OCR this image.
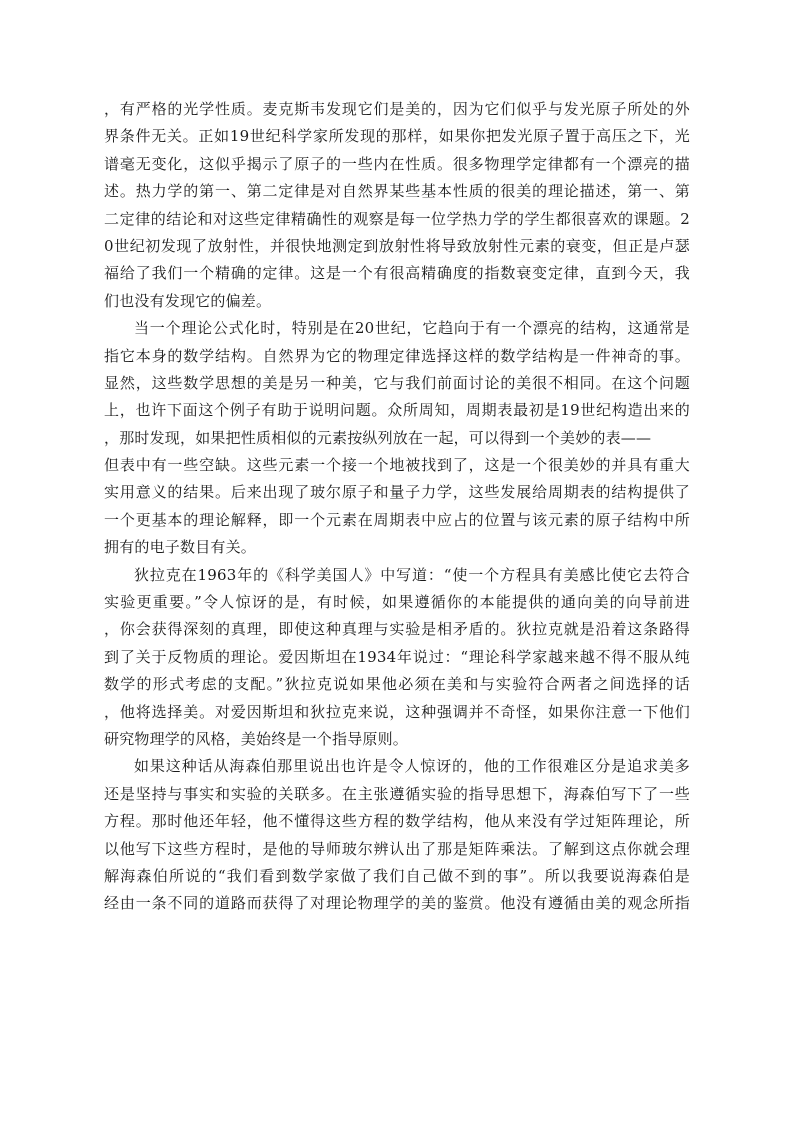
，有严格的光学性质。麦克斯韦发现它们是美的，因为它们似乎与发光原子所处的外
界条件无关。正如19世纪科学家所发现的那样，如果你把发光原子置于高压之下，光
谱毫无变化，这似乎揭示了原子的一些内在性质。很多物理学定律都有一个漂亮的描
述。热力学的第一、第二定律是对自然界某些基本性质的很美的理论描述，第一、第
二定律的结论和对这些定律精确性的观察是每一位学热力学的学生都很喜欢的课题。2
0世纪初发现了放射性，并很快地测定到放射性将导致放射性元素的衰变，但正是卢瑟
福给了我们一个精确的定律。这是一个有很高精确度的指数衰变定律，直到今天，我
们也没有发现它的偏差。
当一个理论公式化时，特别是在20世纪，它趋向于有一个漂亮的结构，这通常是
指它本身的数学结构。自然界为它的物理定律选择这样的数学结构是一件神奇的事。
显然，这些数学思想的美是另一种美，它与我们前面讨论的美很不相同。在这个问题
上，也许下面这个例子有助于说明问题。众所周知，周期表最初是19世纪构造出来的
，那时发现，如果把性质相似的元素按纵列放在一起，可以得到一个美妙的表——
但表中有一些空缺。这些元素一个接一个地被找到了，这是一个很美妙的并具有重大
实用意义的结果。后来出现了玻尔原子和量子力学，这些发展给周期表的结构提供了
一个更基本的理论解释，即一个元素在周期表中应占的位置与该元素的原子结构中所
拥有的电子数目有关。
狄拉克在1963年的《科学美国人》中写道：“使一个方程具有美感比使它去符合
实验更重要。”令人惊讶的是，有时候，如果遵循你的本能提供的通向美的向导前进
，你会获得深刻的真理，即使这种真理与实验是相矛盾的。狄拉克就是沿着这条路得
到了关于反物质的理论。爱因斯坦在1934年说过：“理论科学家越来越不得不服从纯
数学的形式考虑的支配。”狄拉克说如果他必须在美和与实验符合两者之间选择的话
，他将选择美。对爱因斯坦和狄拉克来说，这种强调并不奇怪，如果你注意一下他们
研究物理学的风格，美始终是一个指导原则。
如果这种话从海森伯那里说出也许是令人惊讶的，他的工作很难区分是追求美多
还是坚持与事实和实验的关联多。在主张遵循实验的指导思想下，海森伯写下了一些
方程。那时他还年轻，他不懂得这些方程的数学结构，他从来没有学过矩阵理论，所
以他写下这些方程时，是他的导师玻尔辨认出了那是矩阵乘法。了解到这点你就会理
解海森伯所说的“我们看到数学家做了我们自己做不到的事”。所以我要说海森伯是
经由一条不同的道路而获得了对理论物理学的美的鉴赏。他没有遵循由美的观念所指
